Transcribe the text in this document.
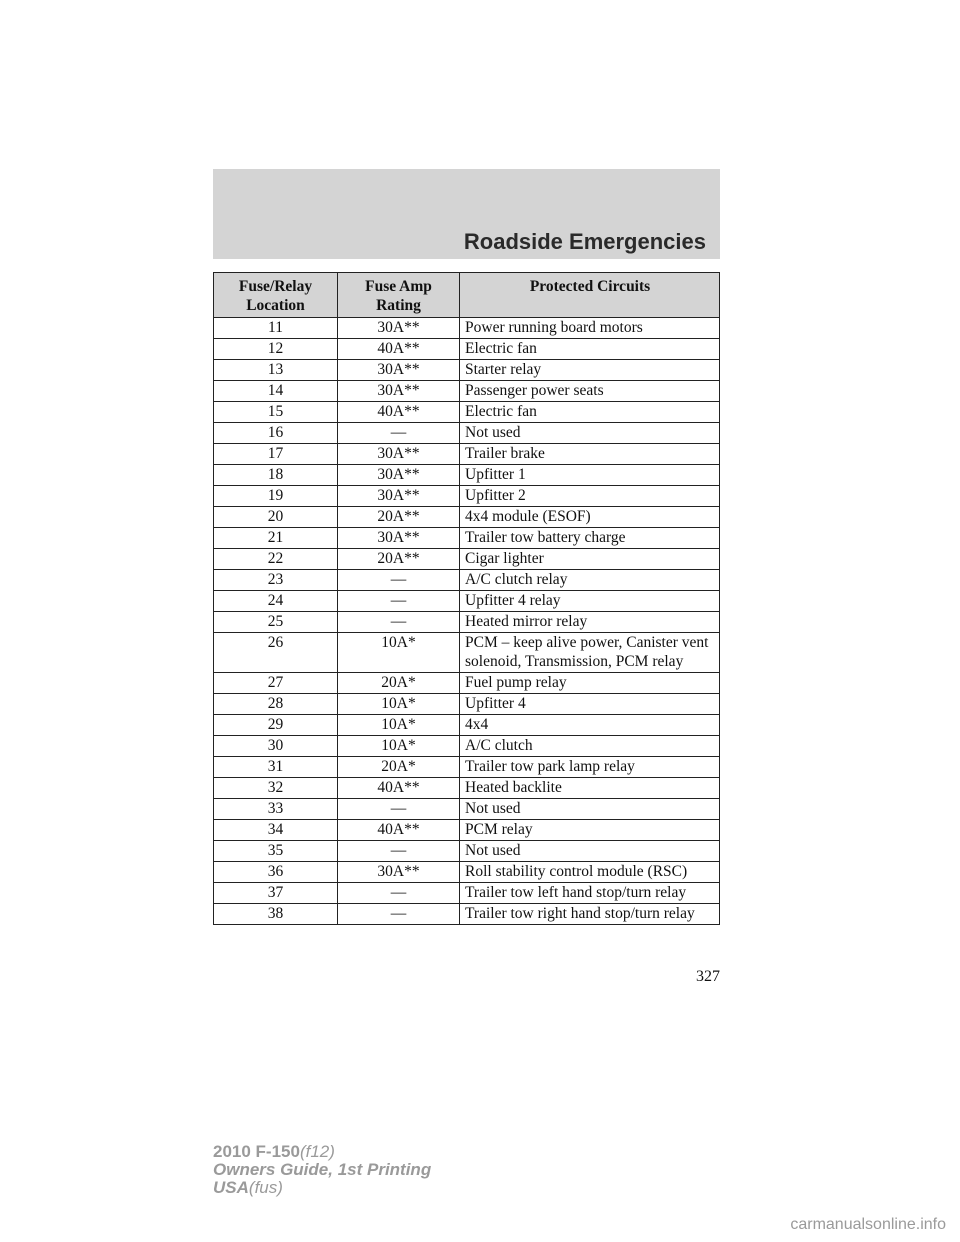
Roadside Emergencies
Fuse/Relay Location	Fuse Amp Rating	Protected Circuits
11	30A**	Power running board motors
12	40A**	Electric fan
13	30A**	Starter relay
14	30A**	Passenger power seats
15	40A**	Electric fan
16	—	Not used
17	30A**	Trailer brake
18	30A**	Upfitter 1
19	30A**	Upfitter 2
20	20A**	4x4 module (ESOF)
21	30A**	Trailer tow battery charge
22	20A**	Cigar lighter
23	—	A/C clutch relay
24	—	Upfitter 4 relay
25	—	Heated mirror relay
26	10A*	PCM – keep alive power, Canister vent solenoid, Transmission, PCM relay
27	20A*	Fuel pump relay
28	10A*	Upfitter 4
29	10A*	4x4
30	10A*	A/C clutch
31	20A*	Trailer tow park lamp relay
32	40A**	Heated backlite
33	—	Not used
34	40A**	PCM relay
35	—	Not used
36	30A**	Roll stability control module (RSC)
37	—	Trailer tow left hand stop/turn relay
38	—	Trailer tow right hand stop/turn relay
327
2010 F-150(f12)
Owners Guide, 1st Printing
USA(fus)
carmanualsonline.info
